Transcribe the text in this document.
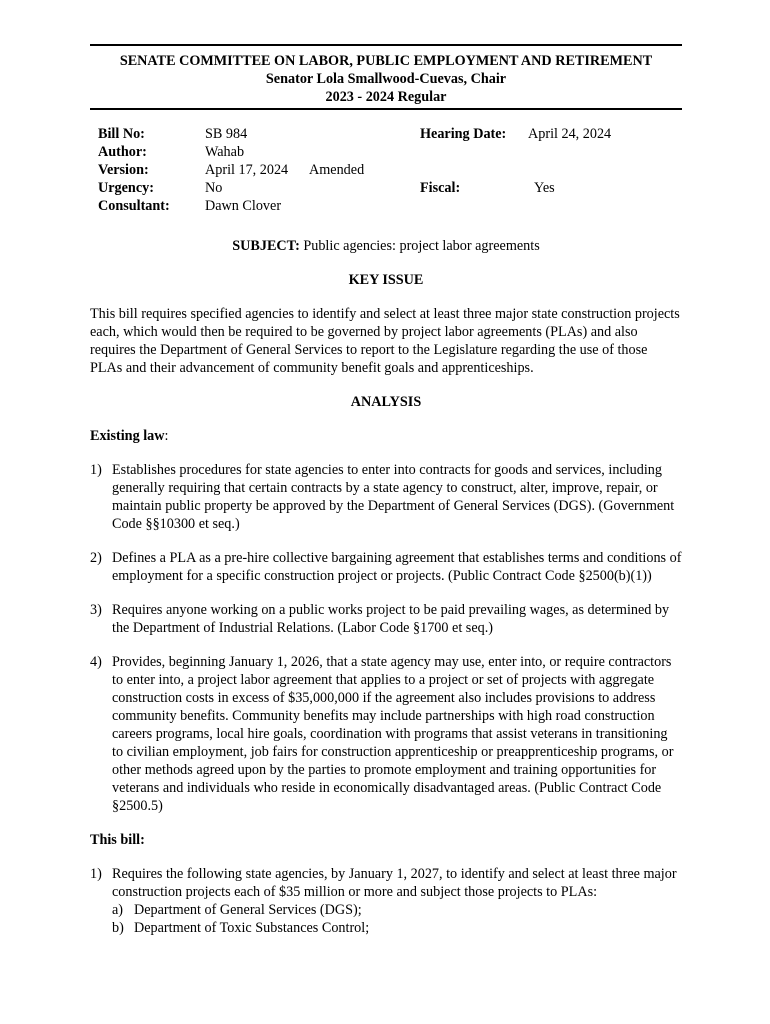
SENATE COMMITTEE ON LABOR, PUBLIC EMPLOYMENT AND RETIREMENT
Senator Lola Smallwood-Cuevas, Chair
2023 - 2024 Regular
Bill No:	SB 984	Hearing Date: April 24, 2024
Author:	Wahab
Version:	April 17, 2024 Amended
Urgency:	No	Fiscal:	Yes
Consultant: Dawn Clover
SUBJECT: Public agencies: project labor agreements
KEY ISSUE
This bill requires specified agencies to identify and select at least three major state construction projects each, which would then be required to be governed by project labor agreements (PLAs) and also requires the Department of General Services to report to the Legislature regarding the use of those PLAs and their advancement of community benefit goals and apprenticeships.
ANALYSIS
Existing law:
1) Establishes procedures for state agencies to enter into contracts for goods and services, including generally requiring that certain contracts by a state agency to construct, alter, improve, repair, or maintain public property be approved by the Department of General Services (DGS). (Government Code §§10300 et seq.)
2) Defines a PLA as a pre-hire collective bargaining agreement that establishes terms and conditions of employment for a specific construction project or projects. (Public Contract Code §2500(b)(1))
3) Requires anyone working on a public works project to be paid prevailing wages, as determined by the Department of Industrial Relations. (Labor Code §1700 et seq.)
4) Provides, beginning January 1, 2026, that a state agency may use, enter into, or require contractors to enter into, a project labor agreement that applies to a project or set of projects with aggregate construction costs in excess of $35,000,000 if the agreement also includes provisions to address community benefits. Community benefits may include partnerships with high road construction careers programs, local hire goals, coordination with programs that assist veterans in transitioning to civilian employment, job fairs for construction apprenticeship or preapprenticeship programs, or other methods agreed upon by the parties to promote employment and training opportunities for veterans and individuals who reside in economically disadvantaged areas. (Public Contract Code §2500.5)
This bill:
1) Requires the following state agencies, by January 1, 2027, to identify and select at least three major construction projects each of $35 million or more and subject those projects to PLAs:
a) Department of General Services (DGS);
b) Department of Toxic Substances Control;
